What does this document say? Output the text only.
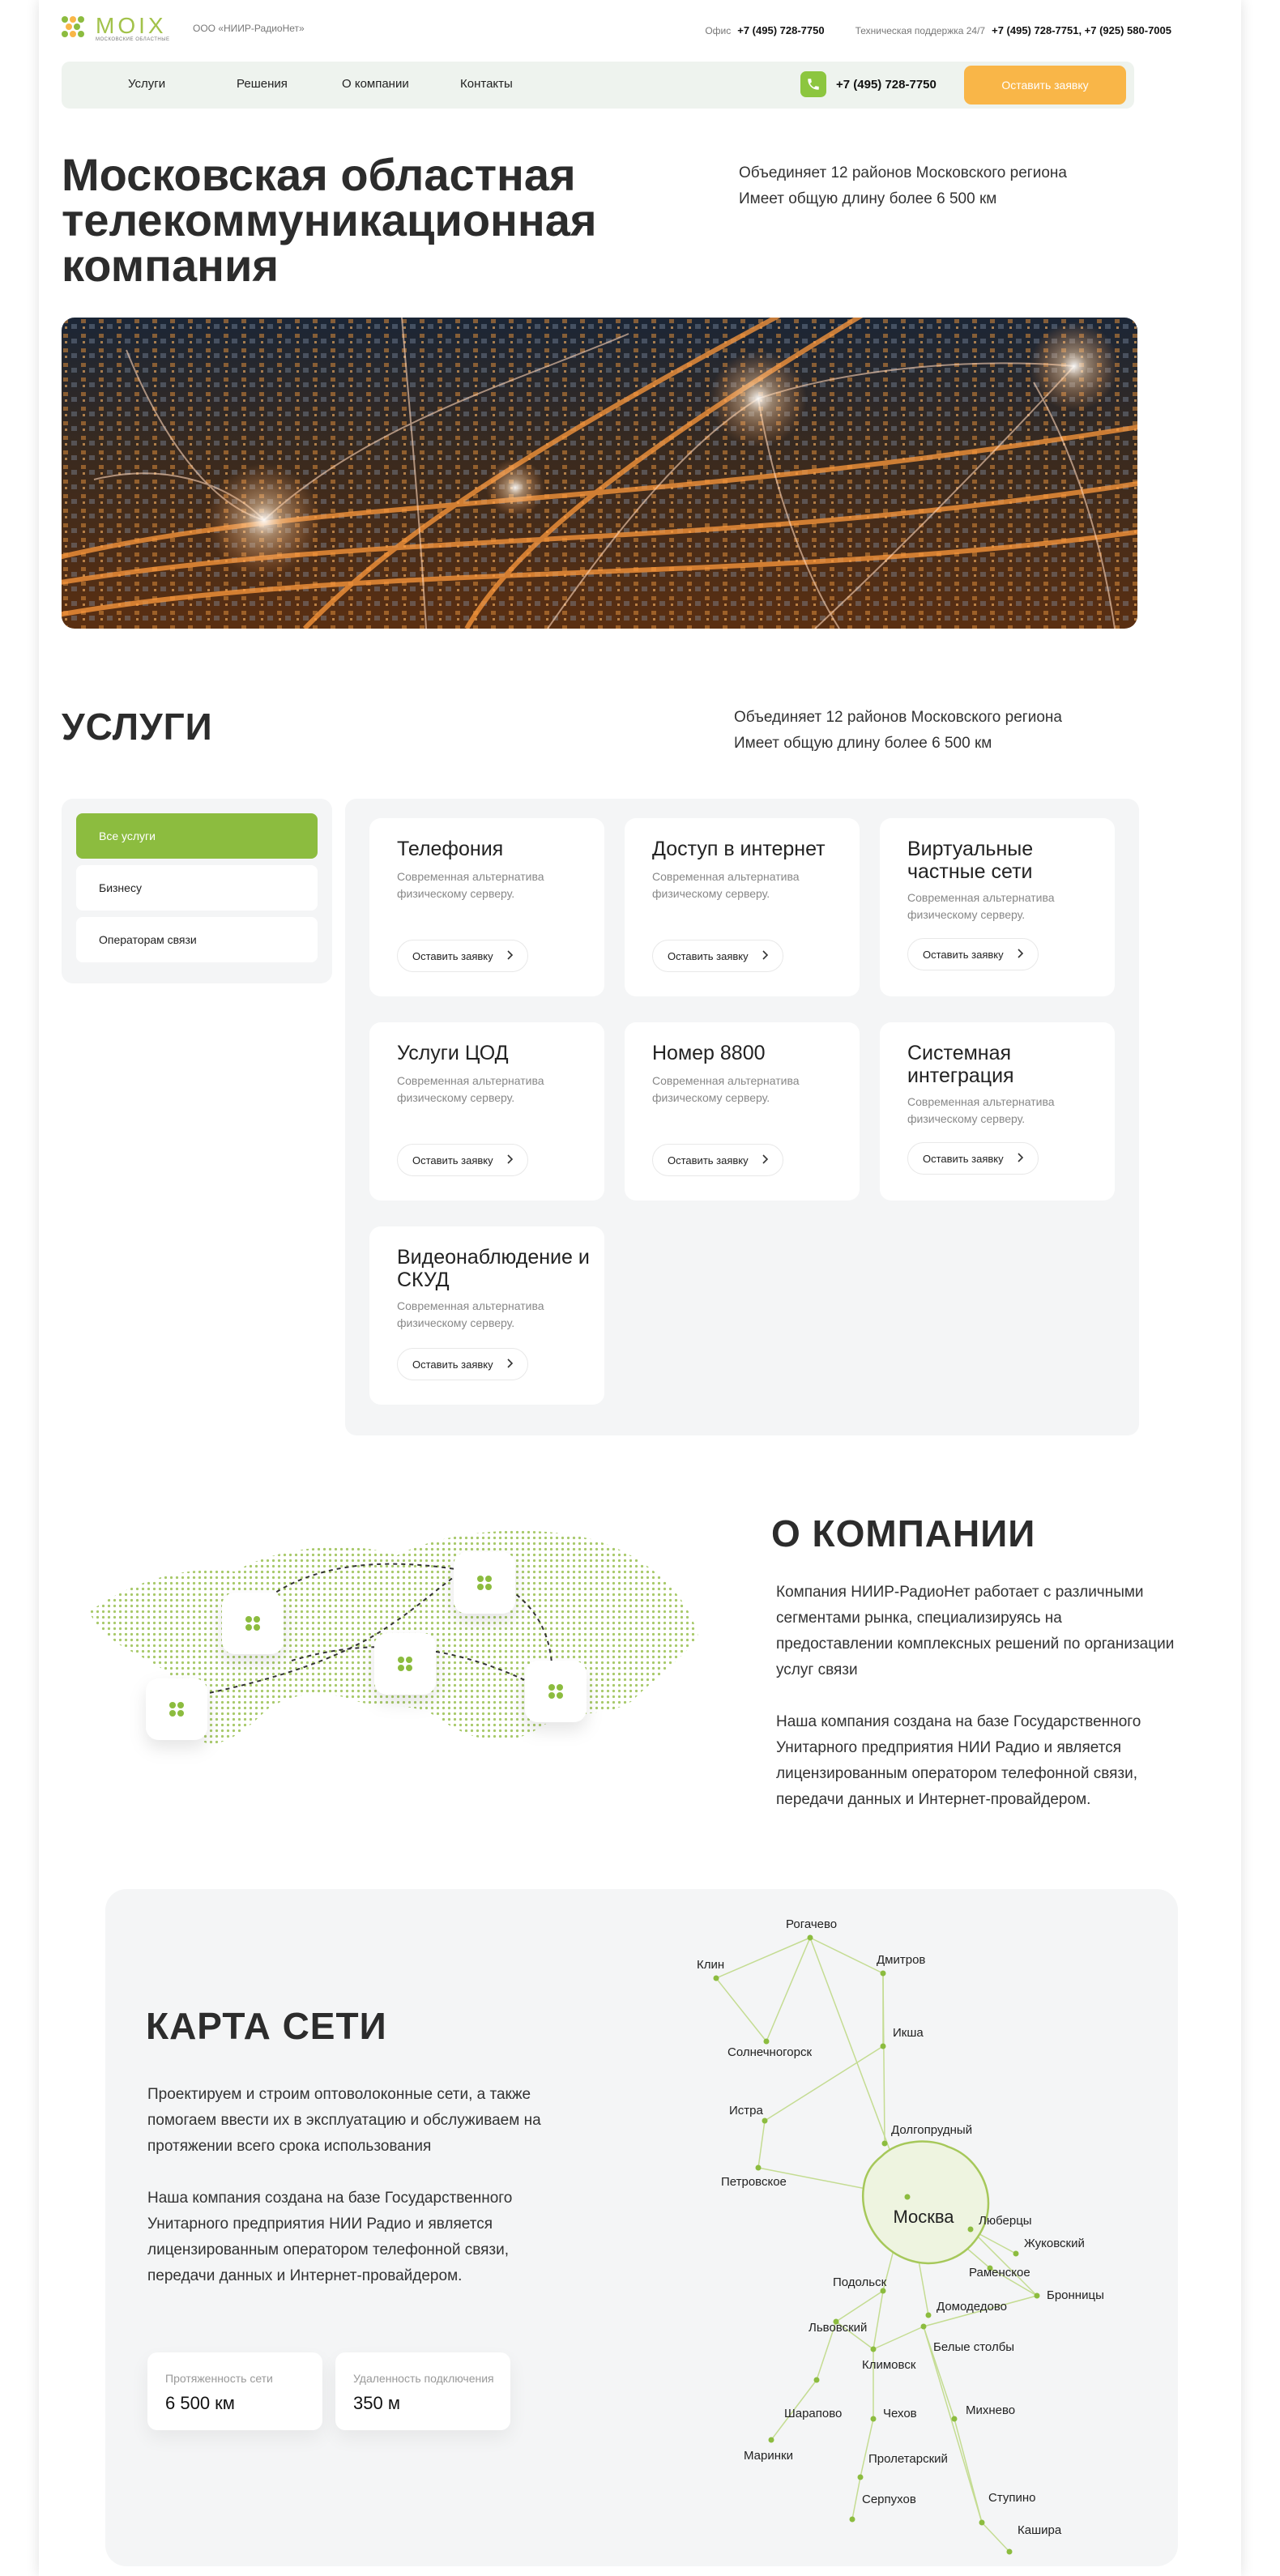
MOIX
МОСКОВСКИЕ ОБЛАСТНЫЕ
ООО «НИИР-РадиоНет»	Офис +7 (495) 728-7750	Техническая поддержка 24/7 +7 (495) 728-7751, +7 (925) 580-7005
Услуги	Решения	О компании	Контакты	+7 (495) 728-7750	Оставить заявку
Московская областная телекоммуникационная компания
Объединяет 12 районов Московского региона
Имеет общую длину более 6 500 км
УСЛУГИ	Объединяет 12 районов Московского региона
Имеет общую длину более 6 500 км
Все услуги
Бизнесу
Операторам связи
Телефония
Современная альтернатива физическому серверу.
Оставить заявку
Доступ в интернет
Современная альтернатива физическому серверу.
Оставить заявку
Виртуальные частные сети
Современная альтернатива физическому серверу.
Оставить заявку
Услуги ЦОД
Современная альтернатива физическому серверу.
Оставить заявку
Номер 8800
Современная альтернатива физическому серверу.
Оставить заявку
Системная интеграция
Современная альтернатива физическому серверу.
Оставить заявку
Видеонаблюдение и СКУД
Современная альтернатива физическому серверу.
Оставить заявку
О КОМПАНИИ

Компания НИИР-РадиоНет работает с различными сегментами рынка, специализируясь на предоставлении комплексных решений по организации услуг связи

Наша компания создана на базе Государственного Унитарного предприятия НИИ Радио и является лицензированным оператором телефонной связи, передачи данных и Интернет-провайдером.

КАРТА СЕТИ

Проектируем и строим оптоволоконные сети, а также помогаем ввести их в эксплуатацию и обслуживаем на протяжении всего срока использования

Наша компания создана на базе Государственного Унитарного предприятия НИИ Радио и является лицензированным оператором телефонной связи, передачи данных и Интернет-провайдером.

Протяженность сети
6 500 км
Удаленность подключения
350 м
Москва
Рогачево
Клин	Дмитров
Икша
Солнечногорск
Истра
Долгопрудный
Петровское
Люберцы
Жуковский
Раменское
Бронницы
Подольск
Домодедово
Львовский
Белые столбы
Климовск
Михнево
Шарапово	Чехов
Маринки	Пролетарский
Серпухов	Ступино
Кашира
